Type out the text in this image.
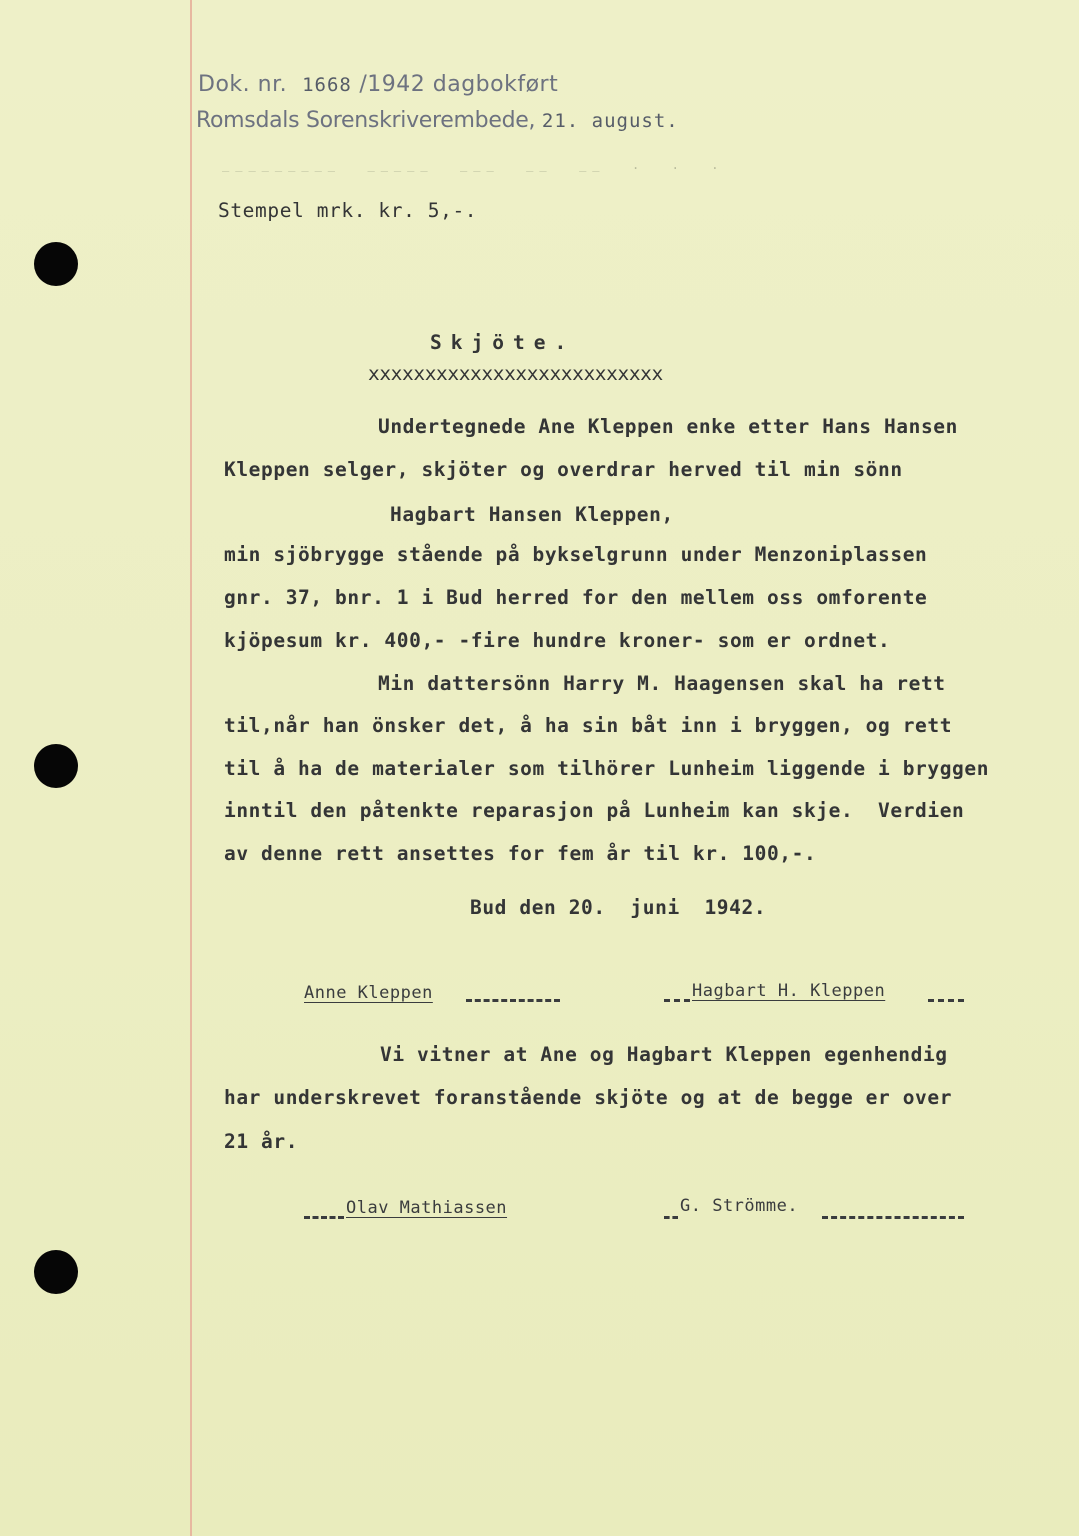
Dok. nr. 1668 /1942 dagbokført
Romsdals Sorenskriverembede, 21. august.
_________  _____  ___  __  __  .  .  .
Stempel mrk. kr. 5,-.
Skjöte.
xxxxxxxxxxxxxxxxxxxxxxxxxx
Undertegnede Ane Kleppen enke etter Hans Hansen
Kleppen selger, skjöter og overdrar herved til min sönn
Hagbart Hansen Kleppen,
min sjöbrygge stående på bykselgrunn under Menzoniplassen
gnr. 37, bnr. 1 i Bud herred for den mellem oss omforente
kjöpesum kr. 400,- -fire hundre kroner- som er ordnet.
Min dattersönn Harry M. Haagensen skal ha rett
til,når han önsker det, å ha sin båt inn i bryggen, og rett
til å ha de materialer som tilhörer Lunheim liggende i bryggen
inntil den påtenkte reparasjon på Lunheim kan skje.  Verdien
av denne rett ansettes for fem år til kr. 100,-.
Bud den 20.  juni  1942.
Anne Kleppen	Hagbart H. Kleppen
Vi vitner at Ane og Hagbart Kleppen egenhendig
har underskrevet foranstående skjöte og at de begge er over
21 år.
Olav Mathiassen	G. Strömme.
